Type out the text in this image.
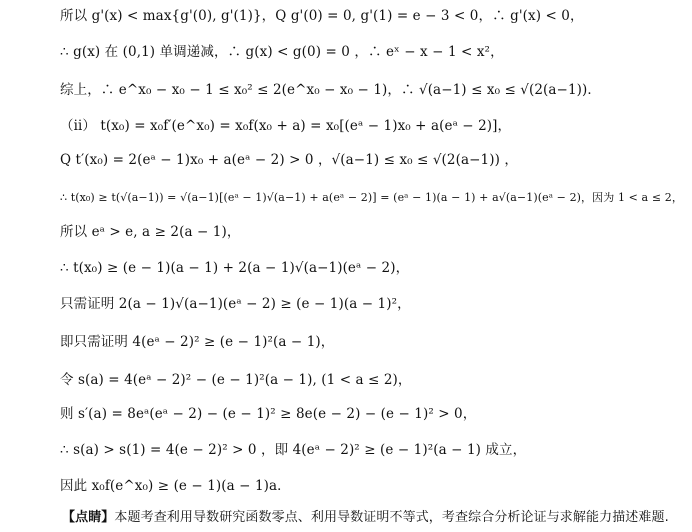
所以 g'(x) < max{g'(0), g'(1)}，Q g'(0) = 0, g'(1) = e − 3 < 0，∴ g'(x) < 0，
∴ g(x) 在 (0,1) 单调递减，∴ g(x) < g(0) = 0 ，∴ eˣ − x − 1 < x²，
综上，∴ e^x₀ − x₀ − 1 ≤ x₀² ≤ 2(e^x₀ − x₀ − 1)，∴ √(a−1) ≤ x₀ ≤ √(2(a−1))．
（ⅱ） t(x₀) = x₀f′(e^x₀) = x₀f(x₀ + a) = x₀[(eᵃ − 1)x₀ + a(eᵃ − 2)]，
Q t′(x₀) = 2(eᵃ − 1)x₀ + a(eᵃ − 2) > 0 ，√(a−1) ≤ x₀ ≤ √(2(a−1)) ，
∴ t(x₀) ≥ t(√(a−1)) = √(a−1)[(eᵃ − 1)√(a−1) + a(eᵃ − 2)] = (eᵃ − 1)(a − 1) + a√(a−1)(eᵃ − 2)，因为 1 < a ≤ 2，
所以 eᵃ > e, a ≥ 2(a − 1)，
∴ t(x₀) ≥ (e − 1)(a − 1) + 2(a − 1)√(a−1)(eᵃ − 2)，
只需证明 2(a − 1)√(a−1)(eᵃ − 2) ≥ (e − 1)(a − 1)²，
即只需证明 4(eᵃ − 2)² ≥ (e − 1)²(a − 1)，
令 s(a) = 4(eᵃ − 2)² − (e − 1)²(a − 1), (1 < a ≤ 2)，
则 s′(a) = 8eᵃ(eᵃ − 2) − (e − 1)² ≥ 8e(e − 2) − (e − 1)² > 0，
∴ s(a) > s(1) = 4(e − 2)² > 0 ，即 4(eᵃ − 2)² ≥ (e − 1)²(a − 1) 成立，
因此 x₀f(e^x₀) ≥ (e − 1)(a − 1)a．
【点睛】本题考查利用导数研究函数零点、利用导数证明不等式，考查综合分析论证与求解能力描述难题.
